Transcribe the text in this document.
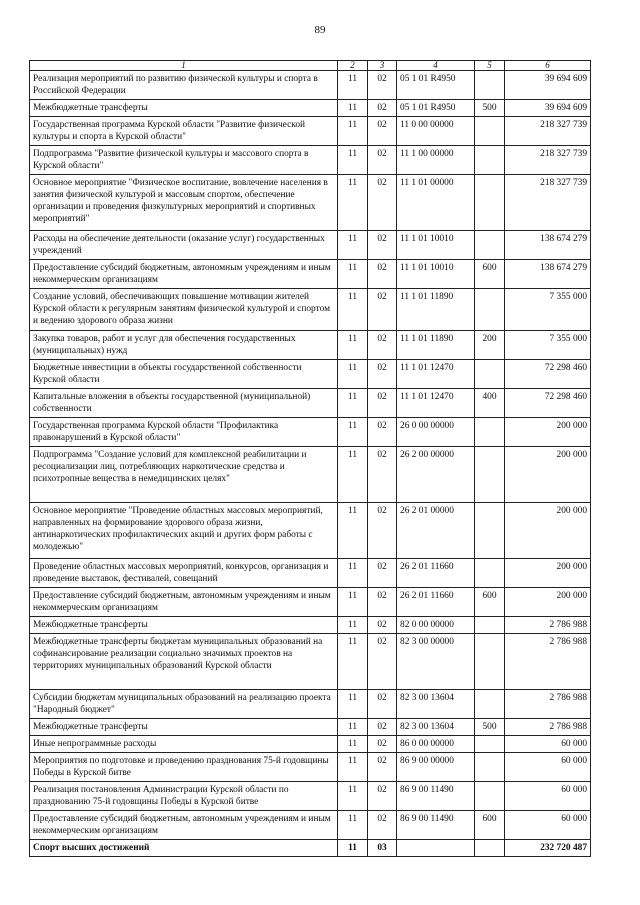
89
1	2	3	4	5	6
Реализация мероприятий по развитию физической культуры и спорта в Российской Федерации	11	02	05 1 01 R4950		39 694 609
Межбюджетные трансферты	11	02	05 1 01 R4950	500	39 694 609
Государственная программа Курской области "Развитие физической культуры и спорта в Курской области"	11	02	11 0 00 00000		218 327 739
Подпрограмма "Развитие физической культуры и массового спорта в Курской области"	11	02	11 1 00 00000		218 327 739
Основное мероприятие "Физическое воспитание, вовлечение населения в занятия физической культурой и массовым спортом, обеспечение организации и проведения физкультурных мероприятий и спортивных мероприятий"	11	02	11 1 01 00000		218 327 739
Расходы на обеспечение деятельности (оказание услуг) государственных учреждений	11	02	11 1 01 10010		138 674 279
Предоставление субсидий бюджетным, автономным учреждениям и иным некоммерческим организациям	11	02	11 1 01 10010	600	138 674 279
Создание условий, обеспечивающих повышение мотивации жителей Курской области к регулярным занятиям физической культурой и спортом и ведению здорового образа жизни	11	02	11 1 01 11890		7 355 000
Закупка товаров, работ и услуг для обеспечения государственных (муниципальных) нужд	11	02	11 1 01 11890	200	7 355 000
Бюджетные инвестиции в объекты государственной собственности Курской области	11	02	11 1 01 12470		72 298 460
Капитальные вложения в объекты государственной (муниципальной) собственности	11	02	11 1 01 12470	400	72 298 460
Государственная программа Курской области "Профилактика правонарушений в Курской области"	11	02	26 0 00 00000		200 000
Подпрограмма "Создание условий для комплексной реабилитации и ресоциализации лиц, потребляющих наркотические средства и психотропные вещества в немедицинских целях"	11	02	26 2 00 00000		200 000
Основное мероприятие "Проведение областных массовых мероприятий, направленных на формирование здорового образа жизни, антинаркотических профилактических акций и других форм работы с молодежью"	11	02	26 2 01 00000		200 000
Проведение областных массовых мероприятий, конкурсов, организация и проведение выставок, фестивалей, совещаний	11	02	26 2 01 11660		200 000
Предоставление субсидий бюджетным, автономным учреждениям и иным некоммерческим организациям	11	02	26 2 01 11660	600	200 000
Межбюджетные трансферты	11	02	82 0 00 00000		2 786 988
Межбюджетные трансферты бюджетам муниципальных образований на софинансирование реализации социально значимых проектов на территориях муниципальных образований Курской области	11	02	82 3 00 00000		2 786 988
Субсидии бюджетам муниципальных образований на реализацию проекта "Народный бюджет"	11	02	82 3 00 13604		2 786 988
Межбюджетные трансферты	11	02	82 3 00 13604	500	2 786 988
Иные непрограммные расходы	11	02	86 0 00 00000		60 000
Мероприятия по подготовке и проведению празднования 75-й годовщины Победы в Курской битве	11	02	86 9 00 00000		60 000
Реализация постановления Администрации Курской области по празднованию 75-й годовщины Победы в Курской битве	11	02	86 9 00 11490		60 000
Предоставление субсидий бюджетным, автономным учреждениям и иным некоммерческим организациям	11	02	86 9 00 11490	600	60 000
Спорт высших достижений	11	03			232 720 487
